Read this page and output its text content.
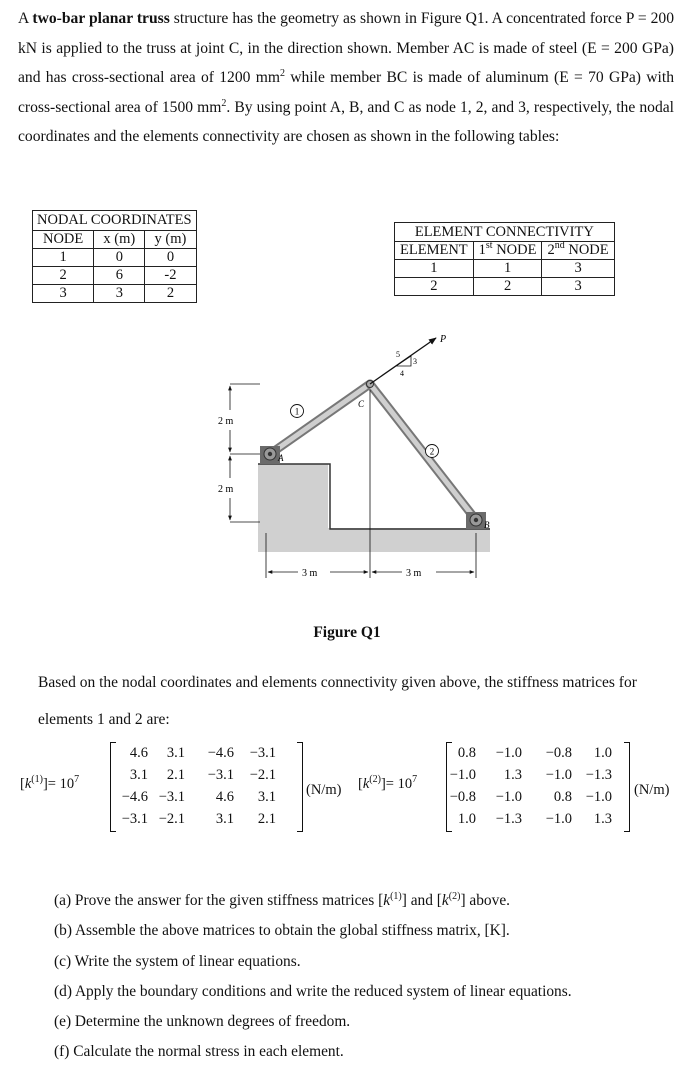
A two-bar planar truss structure has the geometry as shown in Figure Q1. A concentrated force P = 200 kN is applied to the truss at joint C, in the direction shown. Member AC is made of steel (E = 200 GPa) and has cross-sectional area of 1200 $mm^2$ while member BC is made of aluminum (E = 70 GPa) with cross-sectional area of 1500 $mm^2$. By using point A, B, and C as node 1, 2, and 3, respectively, the nodal coordinates and the elements connectivity are chosen as shown in the following tables:
NODAL COORDINATES		
NODE	x (m)	y (m)
1	0	0
2	6	-2
3	3	2
ELEMENT CONNECTIVITY		
ELEMENT	1st NODE	2nd NODE
1	1	3
2	2	3
5
3
4
P
C
A
B
1
2
2 m
2 m
3 m	3 m
Figure Q1
Based on the nodal coordinates and elements connectivity given above, the stiffness matrices for elements 1 and 2 are:
$[k^{(1)}]= 10^7$
4.6	3.1	−4.6	−3.1
3.1	2.1	−3.1	−2.1
−4.6 −3.1	4.6	3.1
−3.1 −2.1	3.1	2.1
(N/m) $[k^{(2)}]= 10^7$
0.8	−1.0	−0.8	1.0
−1.0	1.3	−1.0 −1.3
−0.8	−1.0	0.8 −1.0
1.0	−1.3	−1.0	1.3
(N/m)
(a) Prove the answer for the given stiffness matrices $[k^{(1)}]$ and $[k^{(2)}]$ above.
(b) Assemble the above matrices to obtain the global stiffness matrix, [K].
(c) Write the system of linear equations.
(d) Apply the boundary conditions and write the reduced system of linear equations.
(e) Determine the unknown degrees of freedom.
(f) Calculate the normal stress in each element.
